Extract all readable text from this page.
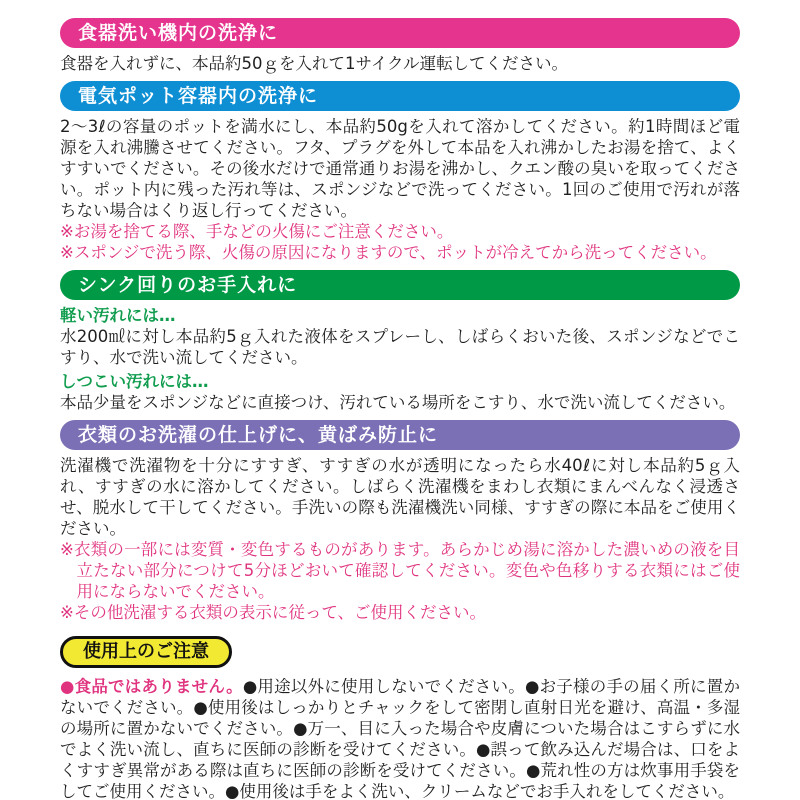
食器洗い機内の洗浄に

食器を入れずに、本品約50ｇを入れて1サイクル運転してください。

電気ポット容器内の洗浄に

2～3ℓの容量のポットを満水にし、本品約50gを入れて溶かしてください。約1時間ほど電源を入れ沸騰させてください。フタ、プラグを外して本品を入れ沸かしたお湯を捨て、よくすすいでください。その後水だけで通常通りお湯を沸かし、クエン酸の臭いを取ってください。ポット内に残った汚れ等は、スポンジなどで洗ってください。1回のご使用で汚れが落ちない場合はくり返し行ってください。

※お湯を捨てる際、手などの火傷にご注意ください。

※スポンジで洗う際、火傷の原因になりますので、ポットが冷えてから洗ってください。

シンク回りのお手入れに

軽い汚れには…

水200㎖に対し本品約5ｇ入れた液体をスプレーし、しばらくおいた後、スポンジなどでこすり、水で洗い流してください。

しつこい汚れには…

本品少量をスポンジなどに直接つけ、汚れている場所をこすり、水で洗い流してください。

衣類のお洗濯の仕上げに、黄ばみ防止に

洗濯機で洗濯物を十分にすすぎ、すすぎの水が透明になったら水40ℓに対し本品約5ｇ入れ、すすぎの水に溶かしてください。しばらく洗濯機をまわし衣類にまんべんなく浸透させ、脱水して干してください。手洗いの際も洗濯機洗い同様、すすぎの際に本品をご使用ください。

※衣類の一部には変質・変色するものがあります。あらかじめ湯に溶かした濃いめの液を目立たない部分につけて5分ほどおいて確認してください。変色や色移りする衣類にはご使用にならないでください。

※その他洗濯する衣類の表示に従って、ご使用ください。

使用上のご注意

●食品ではありません。●用途以外に使用しないでください。●お子様の手の届く所に置かないでください。●使用後はしっかりとチャックをして密閉し直射日光を避け、高温・多湿の場所に置かないでください。●万一、目に入った場合や皮膚についた場合はこすらずに水でよく洗い流し、直ちに医師の診断を受けてください。●誤って飲み込んだ場合は、口をよくすすぎ異常がある際は直ちに医師の診断を受けてください。●荒れ性の方は炊事用手袋をしてご使用ください。●使用後は手をよく洗い、クリームなどでお手入れをしてください。
